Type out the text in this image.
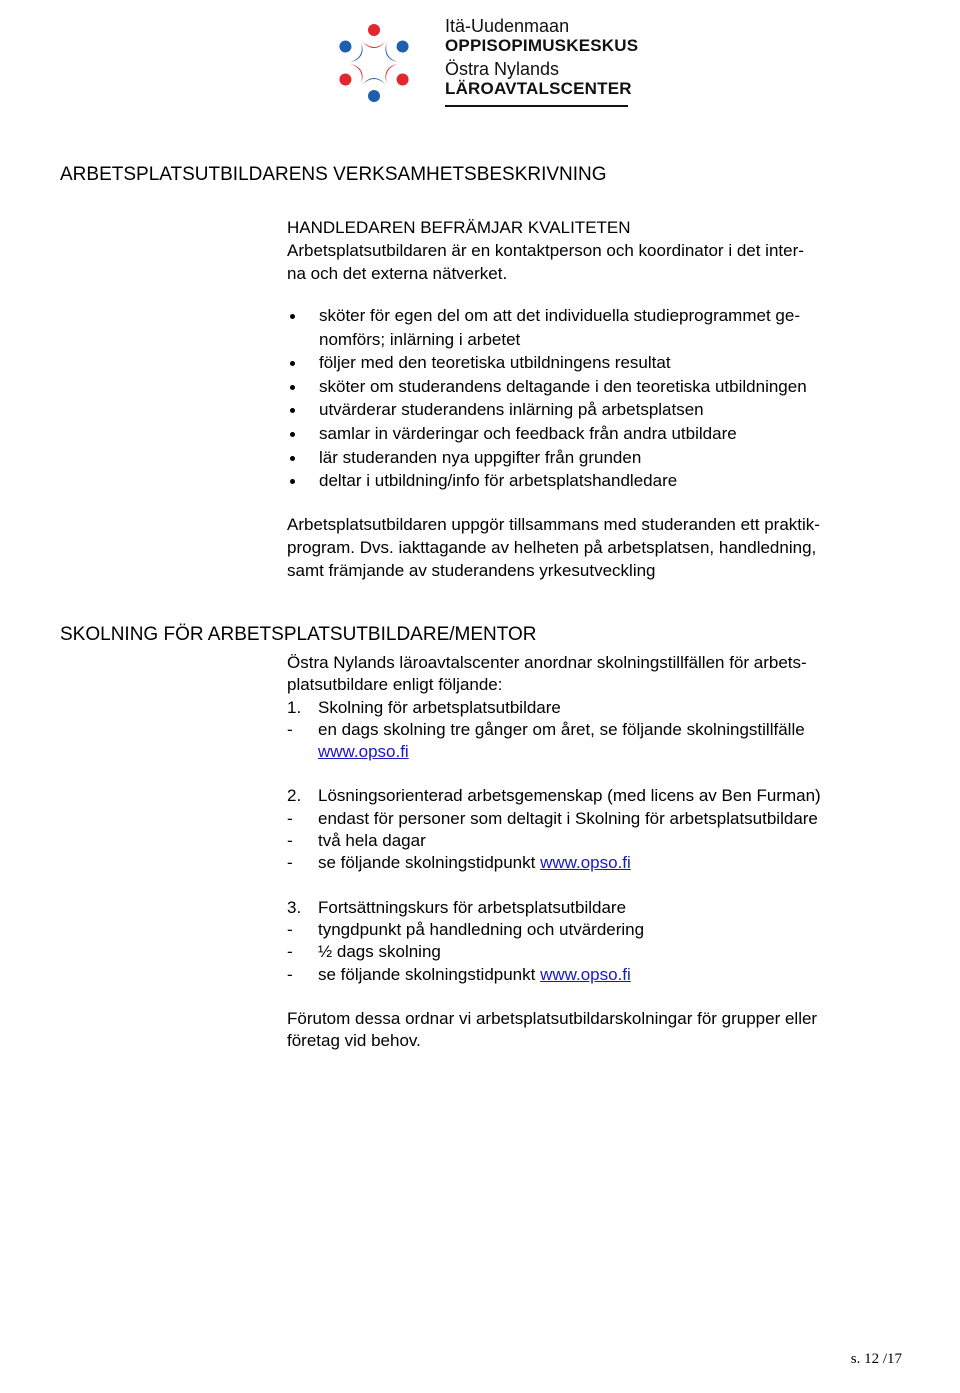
Itä-Uudenmaan
OPPISOPIMUSKESKUS
Östra Nylands
LÄROAVTALSCENTER
ARBETSPLATSUTBILDARENS VERKSAMHETSBESKRIVNING
HANDLEDAREN BEFRÄMJAR KVALITETEN
Arbetsplatsutbildaren är en kontaktperson och koordinator i det inter-
na och det externa nätverket.
sköter för egen del om att det individuella studieprogrammet ge-
nomförs; inlärning i arbetet
följer med den teoretiska utbildningens resultat
sköter om studerandens deltagande i den teoretiska utbildningen
utvärderar studerandens inlärning på arbetsplatsen
samlar in värderingar och feedback från andra utbildare
lär studeranden nya uppgifter från grunden
deltar i utbildning/info för arbetsplatshandledare
Arbetsplatsutbildaren uppgör tillsammans med studeranden ett praktik-
program. Dvs. iakttagande av helheten på arbetsplatsen, handledning,
samt främjande av studerandens yrkesutveckling
SKOLNING FÖR ARBETSPLATSUTBILDARE/MENTOR
Östra Nylands läroavtalscenter anordnar skolningstillfällen för arbets-
platsutbildare enligt följande:
1. Skolning för arbetsplatsutbildare
- en dags skolning tre gånger om året, se följande skolningstillfälle
www.opso.fi
2. Lösningsorienterad arbetsgemenskap (med licens av Ben Furman)
- endast för personer som deltagit i Skolning för arbetsplatsutbildare
- två hela dagar
- se följande skolningstidpunkt www.opso.fi
3. Fortsättningskurs för arbetsplatsutbildare
- tyngdpunkt på handledning och utvärdering
- ½ dags skolning
- se följande skolningstidpunkt www.opso.fi
Förutom dessa ordnar vi arbetsplatsutbildarskolningar för grupper eller
företag vid behov.
s. 12 /17
